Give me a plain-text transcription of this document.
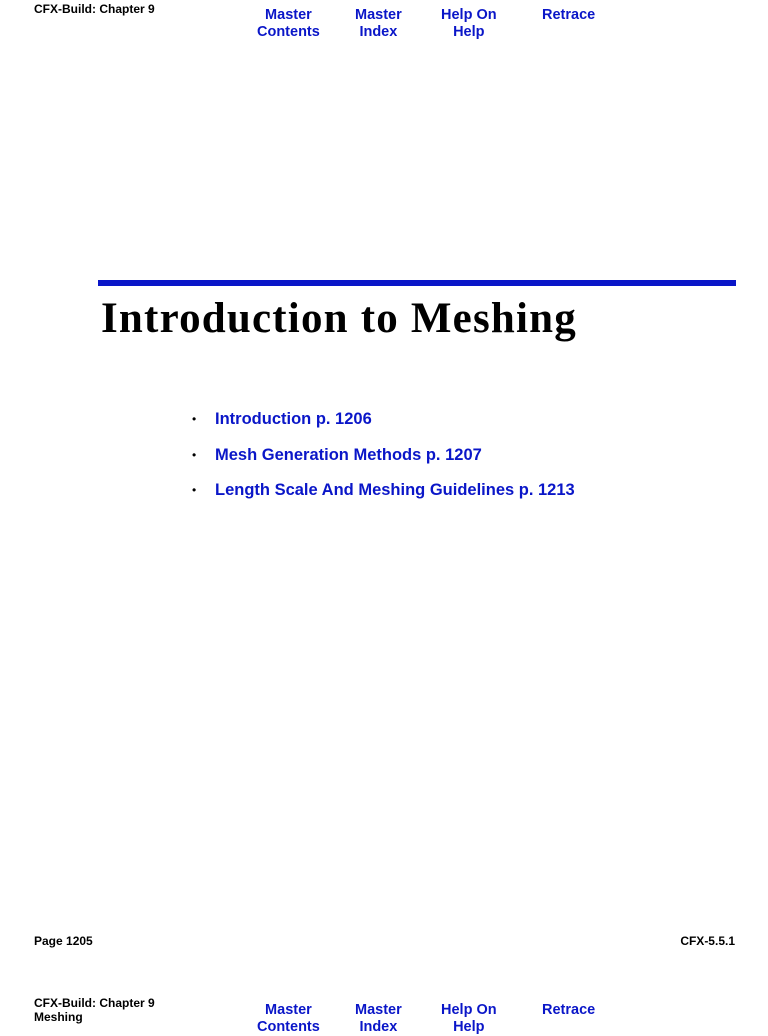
CFX-Build: Chapter 9	Master
Contents
Master
Index
Help On
Help
Retrace
Introduction to Meshing
• Introduction p. 1206
• Mesh Generation Methods p. 1207
• Length Scale And Meshing Guidelines p. 1213
Page 1205	CFX-5.5.1
CFX-Build: Chapter 9
Meshing	Master
Contents
Master
Index
Help On
Help
Retrace
